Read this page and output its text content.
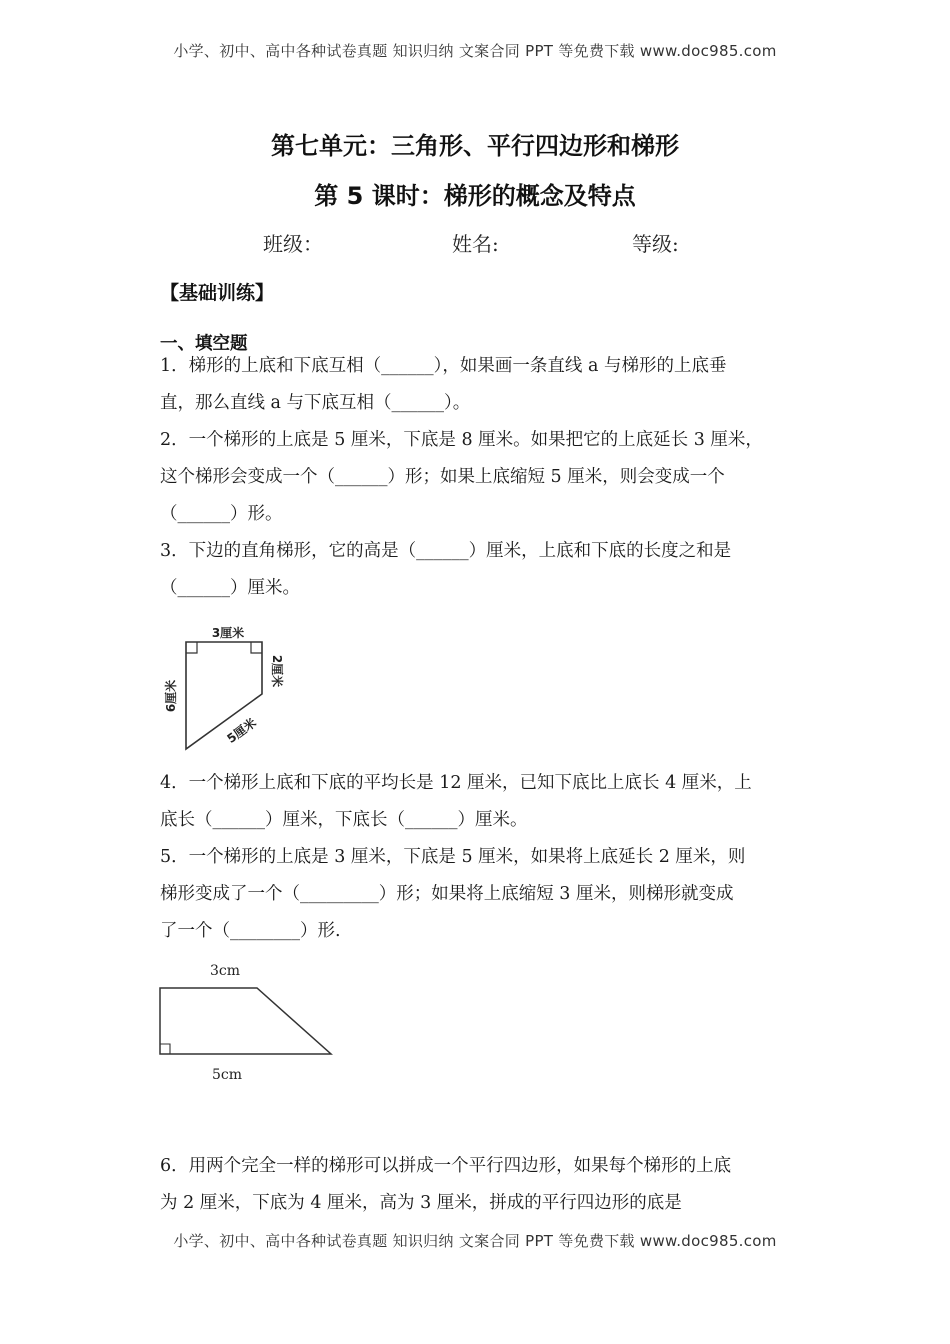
小学、初中、高中各种试卷真题 知识归纳 文案合同 PPT 等免费下载 www.doc985.com
第七单元：三角形、平行四边形和梯形
第 5 课时：梯形的概念及特点
班级：	姓名:	等级:
【基础训练】
一、填空题
1．梯形的上底和下底互相（______），如果画一条直线 a 与梯形的上底垂
直，那么直线 a 与下底互相（______）。
2．一个梯形的上底是 5 厘米，下底是 8 厘米。如果把它的上底延长 3 厘米，
这个梯形会变成一个（______）形；如果上底缩短 5 厘米，则会变成一个
（______）形。
3．下边的直角梯形，它的高是（______）厘米，上底和下底的长度之和是
（______）厘米。
3厘米
6厘米
2厘米
5厘米
4．一个梯形上底和下底的平均长是 12 厘米，已知下底比上底长 4 厘米，上
底长（______）厘米，下底长（______）厘米。
5．一个梯形的上底是 3 厘米，下底是 5 厘米，如果将上底延长 2 厘米，则
梯形变成了一个（_________）形；如果将上底缩短 3 厘米，则梯形就变成
了一个（________）形.
3cm
5cm
6．用两个完全一样的梯形可以拼成一个平行四边形，如果每个梯形的上底
为 2 厘米，下底为 4 厘米，高为 3 厘米，拼成的平行四边形的底是
小学、初中、高中各种试卷真题 知识归纳 文案合同 PPT 等免费下载 www.doc985.com
